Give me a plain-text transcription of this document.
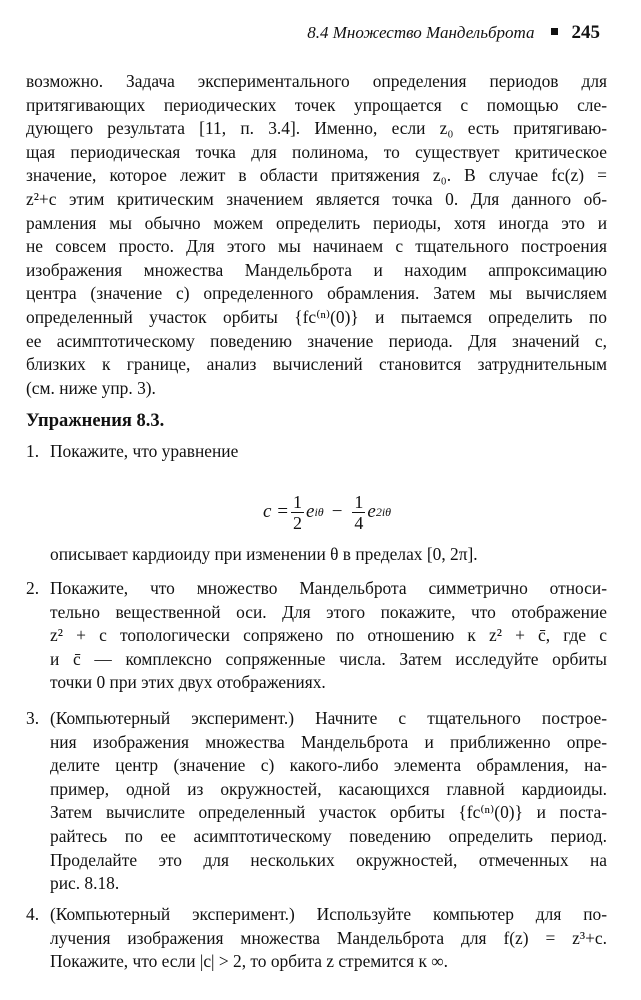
8.4 Множество Мандельброта 245
возможно. Задача экспериментального определения периодов для
притягивающих периодических точек упрощается с помощью сле-
дующего результата [11, п. 3.4]. Именно, если z₀ есть притягиваю-
щая периодическая точка для полинома, то существует критическое
значение, которое лежит в области притяжения z₀. В случае fc(z) =
z²+c этим критическим значением является точка 0. Для данного об-
рамления мы обычно можем определить периоды, хотя иногда это и
не совсем просто. Для этого мы начинаем с тщательного построения
изображения множества Мандельброта и находим аппроксимацию
центра (значение c) определенного обрамления. Затем мы вычисляем
определенный участок орбиты {fc⁽ⁿ⁾(0)} и пытаемся определить по
ее асимптотическому поведению значение периода. Для значений c,
близких к границе, анализ вычислений становится затруднительным
(см. ниже упр. 3).
Упражнения 8.3.
1. Покажите, что уравнение
$c = \frac{1}{2}$ e $i\theta - \frac{1}{4}$ e 2iθ
описывает кардиоиду при изменении θ в пределах [0, 2π].
2. Покажите, что множество Мандельброта симметрично относи-
тельно вещественной оси. Для этого покажите, что отображение
z² + c топологически сопряжено по отношению к z² + c̄, где c
и c̄ — комплексно сопряженные числа. Затем исследуйте орбиты
точки 0 при этих двух отображениях.
3. (Компьютерный эксперимент.) Начните с тщательного построе-
ния изображения множества Мандельброта и приближенно опре-
делите центр (значение c) какого-либо элемента обрамления, на-
пример, одной из окружностей, касающихся главной кардиоиды.
Затем вычислите определенный участок орбиты {fc⁽ⁿ⁾(0)} и поста-
райтесь по ее асимптотическому поведению определить период.
Проделайте это для нескольких окружностей, отмеченных на
рис. 8.18.
4. (Компьютерный эксперимент.) Используйте компьютер для по-
лучения изображения множества Мандельброта для f(z) = z³+c.
Покажите, что если |c| > 2, то орбита z стремится к ∞.
